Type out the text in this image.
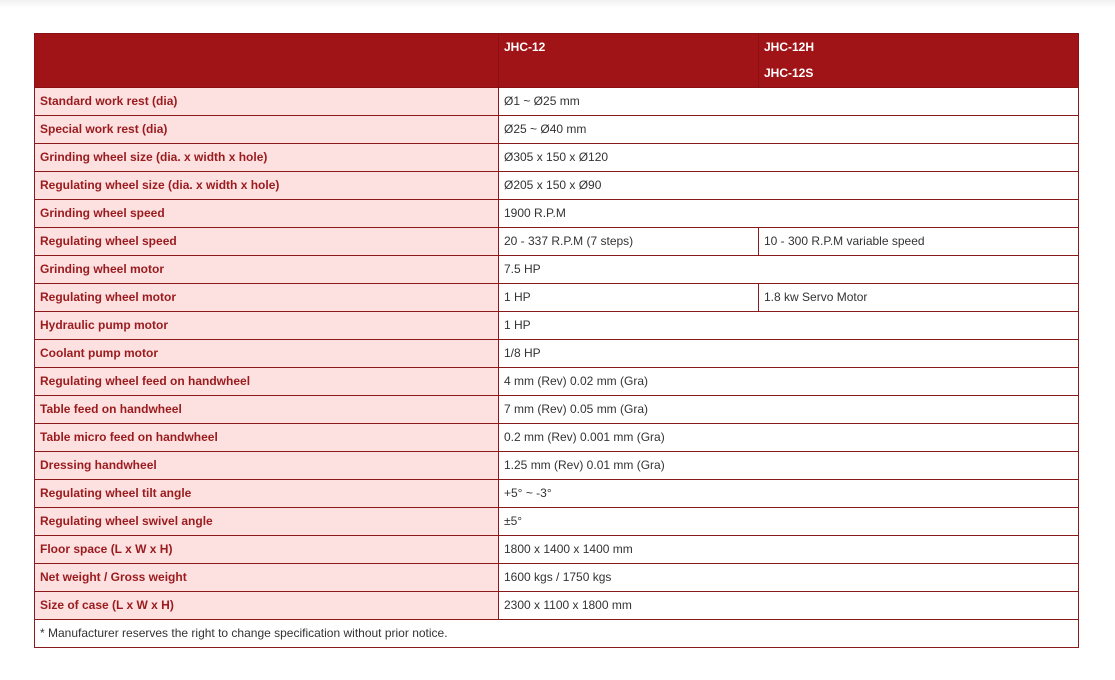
	JHC-12	JHC-12H
JHC-12S

Standard work rest (dia)	Ø1 ~ Ø25 mm	
Special work rest (dia)	Ø25 ~ Ø40 mm	
Grinding wheel size (dia. x width x hole)	Ø305 x 150 x Ø120	
Regulating wheel size (dia. x width x hole)	Ø205 x 150 x Ø90	
Grinding wheel speed	1900 R.P.M	
Regulating wheel speed	20 - 337 R.P.M (7 steps)	10 - 300 R.P.M variable speed
Grinding wheel motor	7.5 HP	
Regulating wheel motor	1 HP	1.8 kw Servo Motor
Hydraulic pump motor	1 HP	
Coolant pump motor	1/8 HP	
Regulating wheel feed on handwheel	4 mm (Rev) 0.02 mm (Gra)	
Table feed on handwheel	7 mm (Rev) 0.05 mm (Gra)	
Table micro feed on handwheel	0.2 mm (Rev) 0.001 mm (Gra)	
Dressing handwheel	1.25 mm (Rev) 0.01 mm (Gra)	
Regulating wheel tilt angle	+5° ~ -3°	
Regulating wheel swivel angle	±5°	
Floor space (L x W x H)	1800 x 1400 x 1400 mm	
Net weight / Gross weight	1600 kgs / 1750 kgs	
Size of case (L x W x H)	2300 x 1100 x 1800 mm	
* Manufacturer reserves the right to change specification without prior notice.		
